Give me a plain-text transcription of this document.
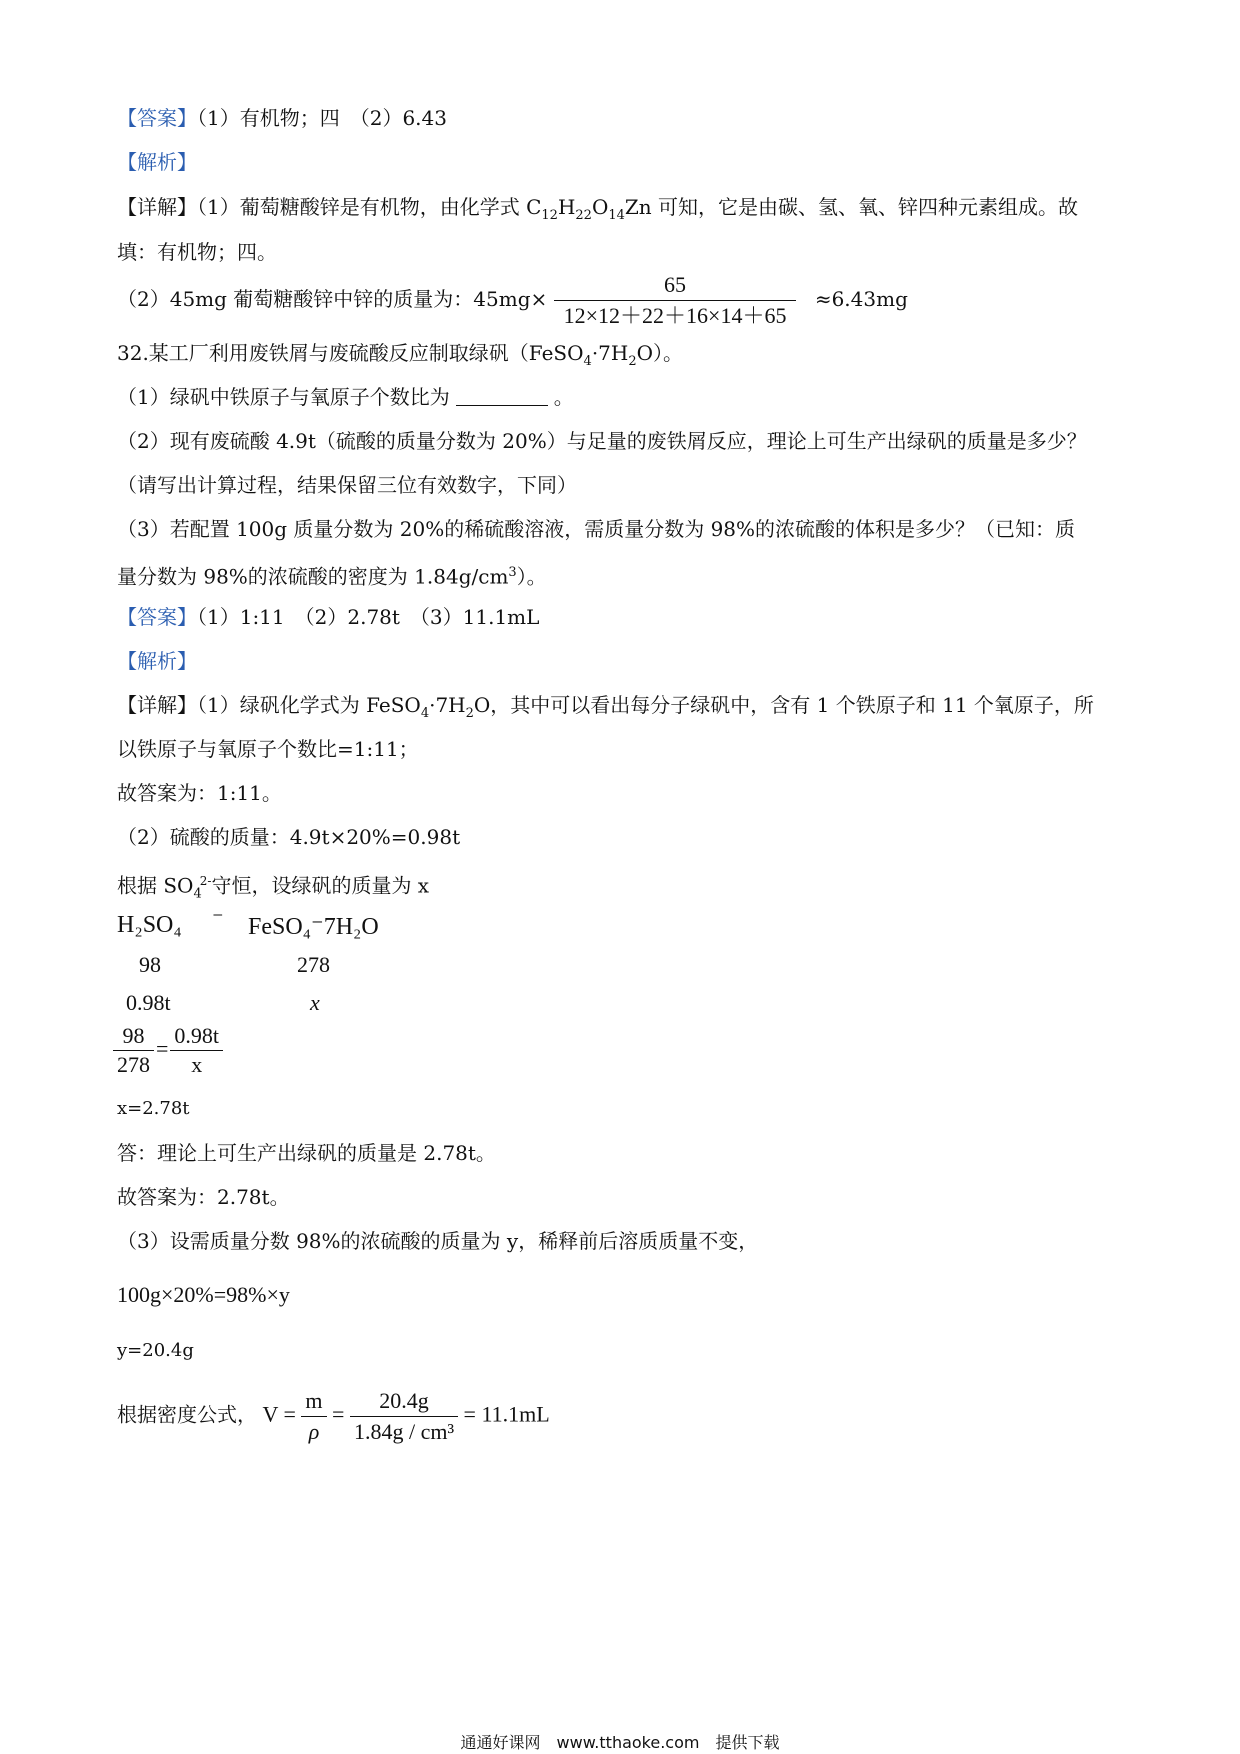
【答案】（1）有机物；四　（2）6.43
【解析】
【详解】（1）葡萄糖酸锌是有机物，由化学式 $C_{12}H_{22}O_{14}Zn$ 可知，它是由碳、氢、氧、锌四种元素组成。故
填：有机物；四。
（2）45mg 葡萄糖酸锌中锌的质量为：$45mg\times \frac{65}{12\times 12+22+16\times 14+65} \approx 6.43mg$
32.某工厂利用废铁屑与废硫酸反应制取绿矾$(FeSO_4\cdot 7H_2O)$。
（1）绿矾中铁原子与氧原子个数比为	。
（2）现有废硫酸 4.9t（硫酸的质量分数为 20%）与足量的废铁屑反应，理论上可生产出绿矾的质量是多少？
（请写出计算过程，结果保留三位有效数字，下同）
（3）若配置 100g 质量分数为 20%的稀硫酸溶液，需质量分数为 98%的浓硫酸的体积是多少？（已知：质
量分数为 98%的浓硫酸的密度为 $1.84g/cm^3$）。
【答案】（1）1:11　（2）2.78t　（3）11.1mL
【解析】
【详解】（1）绿矾化学式为 $FeSO_4\cdot 7H_2O$，其中可以看出每分子绿矾中，含有 1 个铁原子和 11 个氧原子，所
以铁原子与氧原子个数比=1:11；
故答案为：1:11。
（2）硫酸的质量：4.9t×20%=0.98t
根据 $SO_4^{2-}$守恒，设绿矾的质量为 x
H₂SO₄ ⁻ FeSO₄⁻7H₂O
98	278
0.98t	x
$\frac{98}{278} = \frac{0.98t}{x}$
x=2.78t
答：理论上可生产出绿矾的质量是 2.78t。
故答案为：2.78t。
（3）设需质量分数 98%的浓硫酸的质量为 y，稀释前后溶质质量不变，
100g×20%=98%×y
y=20.4g
根据密度公式， $V = \frac{m}{\rho} = \frac{20.4g}{\text{1.84g / cm³}} = 11.1mL$
通通好课网　www.tthaoke.com　提供下载
